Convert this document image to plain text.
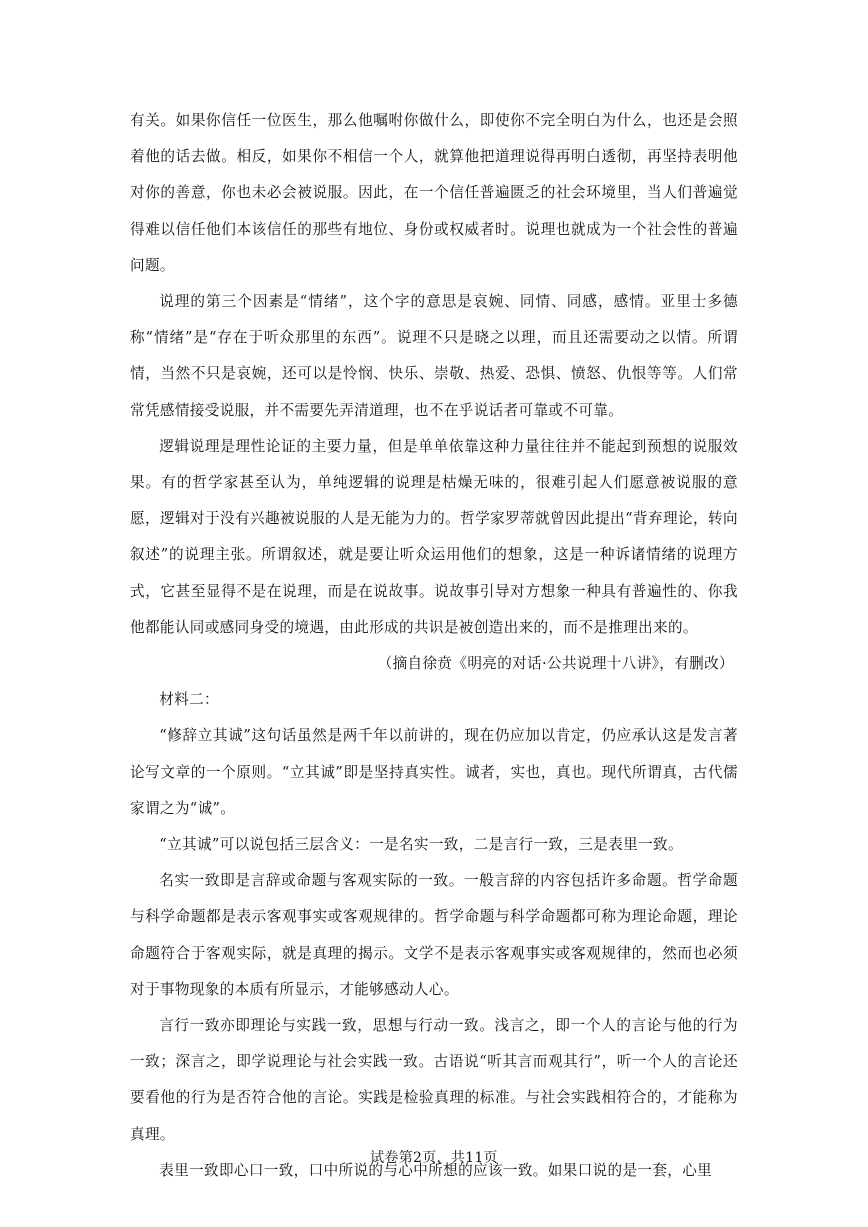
有关。如果你信任一位医生，那么他嘱咐你做什么，即使你不完全明白为什么，也还是会照着他的话去做。相反，如果你不相信一个人，就算他把道理说得再明白透彻，再坚持表明他对你的善意，你也未必会被说服。因此，在一个信任普遍匮乏的社会环境里，当人们普遍觉得难以信任他们本该信任的那些有地位、身份或权威者时。说理也就成为一个社会性的普遍问题。

说理的第三个因素是“情绪”，这个字的意思是哀婉、同情、同感，感情。亚里士多德称“情绪”是“存在于听众那里的东西”。说理不只是晓之以理，而且还需要动之以情。所谓情，当然不只是哀婉，还可以是怜悯、快乐、崇敬、热爱、恐惧、愤怒、仇恨等等。人们常常凭感情接受说服，并不需要先弄清道理，也不在乎说话者可靠或不可靠。

逻辑说理是理性论证的主要力量，但是单单依靠这种力量往往并不能起到预想的说服效果。有的哲学家甚至认为，单纯逻辑的说理是枯燥无味的，很难引起人们愿意被说服的意愿，逻辑对于没有兴趣被说服的人是无能为力的。哲学家罗蒂就曾因此提出“背弃理论，转向叙述”的说理主张。所谓叙述，就是要让听众运用他们的想象，这是一种诉诸情绪的说理方式，它甚至显得不是在说理，而是在说故事。说故事引导对方想象一种具有普遍性的、你我他都能认同或感同身受的境遇，由此形成的共识是被创造出来的，而不是推理出来的。

（摘自徐贲《明亮的对话·公共说理十八讲》，有删改）

材料二：

“修辞立其诚”这句话虽然是两千年以前讲的，现在仍应加以肯定，仍应承认这是发言著论写文章的一个原则。“立其诚”即是坚持真实性。诚者，实也，真也。现代所谓真，古代儒家谓之为“诚”。

“立其诚”可以说包括三层含义：一是名实一致，二是言行一致，三是表里一致。

名实一致即是言辞或命题与客观实际的一致。一般言辞的内容包括许多命题。哲学命题与科学命题都是表示客观事实或客观规律的。哲学命题与科学命题都可称为理论命题，理论命题符合于客观实际，就是真理的揭示。文学不是表示客观事实或客观规律的，然而也必须对于事物现象的本质有所显示，才能够感动人心。

言行一致亦即理论与实践一致，思想与行动一致。浅言之，即一个人的言论与他的行为一致；深言之，即学说理论与社会实践一致。古语说“听其言而观其行”，听一个人的言论还要看他的行为是否符合他的言论。实践是检验真理的标准。与社会实践相符合的，才能称为真理。

表里一致即心口一致，口中所说的与心中所想的应该一致。如果口说的是一套，心里

试卷第2页，共11页
